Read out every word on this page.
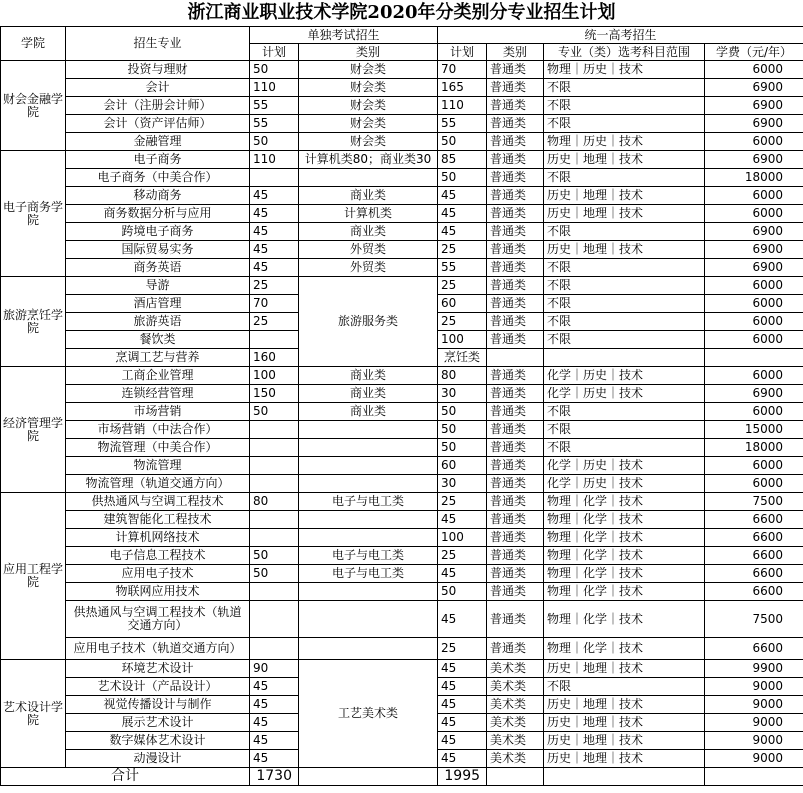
浙江商业职业技术学院2020年分类别分专业招生计划
学院	招生专业	单独考试招生		统一高考招生				
		计划	类别	计划	类别	专业（类）选考科目范围	学费（元/年）	
财会金融学院	投资与理财	50	财会类	70	普通类	物理｜历史｜技术	6000	
	会计	110	财会类	165	普通类	不限	6900	
	会计（注册会计师）	55	财会类	110	普通类	不限	6900	
	会计（资产评估师）	55	财会类	55	普通类	不限	6900	
	金融管理	50	财会类	50	普通类	物理｜历史｜技术	6000	
电子商务学院	电子商务	110	计算机类80；商业类30	85	普通类	历史｜地理｜技术	6900	
	电子商务（中美合作）			50	普通类	不限	18000	
	移动商务	45	商业类	45	普通类	历史｜地理｜技术	6000	
	商务数据分析与应用	45	计算机类	45	普通类	历史｜地理｜技术	6000	
	跨境电子商务	45	商业类	45	普通类	不限	6900	
	国际贸易实务	45	外贸类	25	普通类	历史｜地理｜技术	6900	
	商务英语	45	外贸类	55	普通类	不限	6900	
旅游烹饪学院	导游	25	旅游服务类	25	普通类	不限	6000	
	酒店管理	70		60	普通类	不限	6000	
	旅游英语	25		25	普通类	不限	6000	
	餐饮类			100	普通类	不限	6000	
	烹调工艺与营养	160		烹饪类				
经济管理学院	工商企业管理	100	商业类	80	普通类	化学｜历史｜技术	6000	
	连锁经营管理	150	商业类	30	普通类	化学｜历史｜技术	6900	
	市场营销	50	商业类	50	普通类	不限	6000	
	市场营销（中法合作）			50	普通类	不限	15000	
	物流管理（中美合作）			50	普通类	不限	18000	
	物流管理			60	普通类	化学｜历史｜技术	6000	
	物流管理（轨道交通方向）			30	普通类	化学｜历史｜技术	6000	
应用工程学院	供热通风与空调工程技术	80	电子与电工类	25	普通类	物理｜化学｜技术	7500	
	建筑智能化工程技术			45	普通类	物理｜化学｜技术	6600	
	计算机网络技术			100	普通类	物理｜化学｜技术	6600	
	电子信息工程技术	50	电子与电工类	25	普通类	物理｜化学｜技术	6600	
	应用电子技术	50	电子与电工类	45	普通类	物理｜化学｜技术	6600	
	物联网应用技术			50	普通类	物理｜化学｜技术	6600	
	供热通风与空调工程技术（轨道交通方向）			45	普通类	物理｜化学｜技术	7500	
	应用电子技术（轨道交通方向）			25	普通类	物理｜化学｜技术	6600	
艺术设计学院	环境艺术设计	90	工艺美术类	45	美术类	历史｜地理｜技术	9900	
	艺术设计（产品设计）	45		45	美术类	不限	9000	
	视觉传播设计与制作	45		45	美术类	历史｜地理｜技术	9000	
	展示艺术设计	45		45	美术类	历史｜地理｜技术	9000	
	数字媒体艺术设计	45		45	美术类	历史｜地理｜技术	9000	
	动漫设计	45		45	美术类	历史｜地理｜技术	9000	
合计		1730		1995				
